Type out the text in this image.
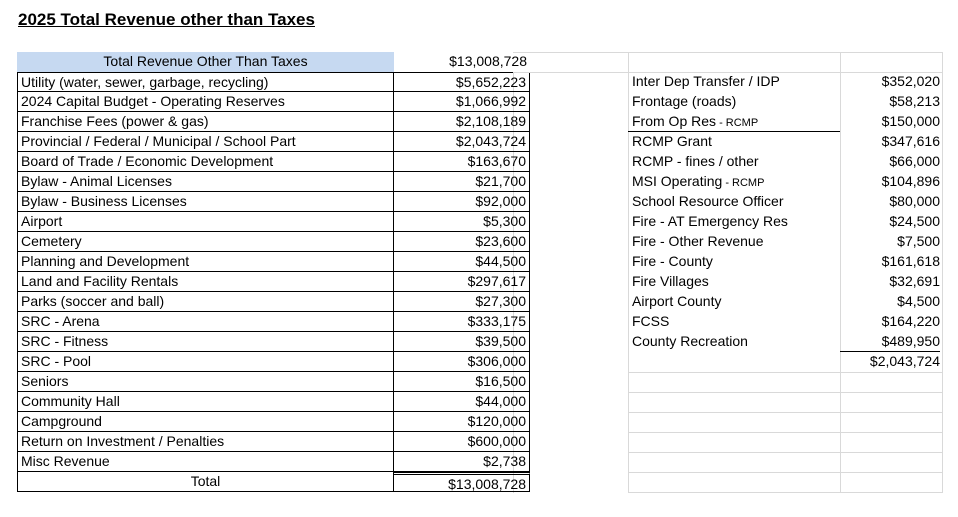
2025 Total Revenue other than Taxes
Total Revenue Other Than Taxes	$13,008,728
Utility (water, sewer, garbage, recycling)	$5,652,223
2024 Capital Budget - Operating Reserves	$1,066,992
Franchise Fees (power & gas)	$2,108,189
Provincial / Federal / Municipal / School Part	$2,043,724
Board of Trade / Economic Development	$163,670
Bylaw - Animal Licenses	$21,700
Bylaw - Business Licenses	$92,000
Airport	$5,300
Cemetery	$23,600
Planning and Development	$44,500
Land and Facility Rentals	$297,617
Parks (soccer and ball)	$27,300
SRC - Arena	$333,175
SRC - Fitness	$39,500
SRC - Pool	$306,000
Seniors	$16,500
Community Hall	$44,000
Campground	$120,000
Return on Investment / Penalties	$600,000
Misc Revenue	$2,738
Total	$13,008,728
Inter Dep Transfer / IDP	$352,020
Frontage (roads)	$58,213
From Op Res - RCMP	$150,000
RCMP Grant	$347,616
RCMP - fines / other	$66,000
MSI Operating - RCMP	$104,896
School Resource Officer	$80,000
Fire - AT Emergency Res	$24,500
Fire - Other Revenue	$7,500
Fire - County	$161,618
Fire Villages	$32,691
Airport County	$4,500
FCSS	$164,220
County Recreation	$489,950
$2,043,724
